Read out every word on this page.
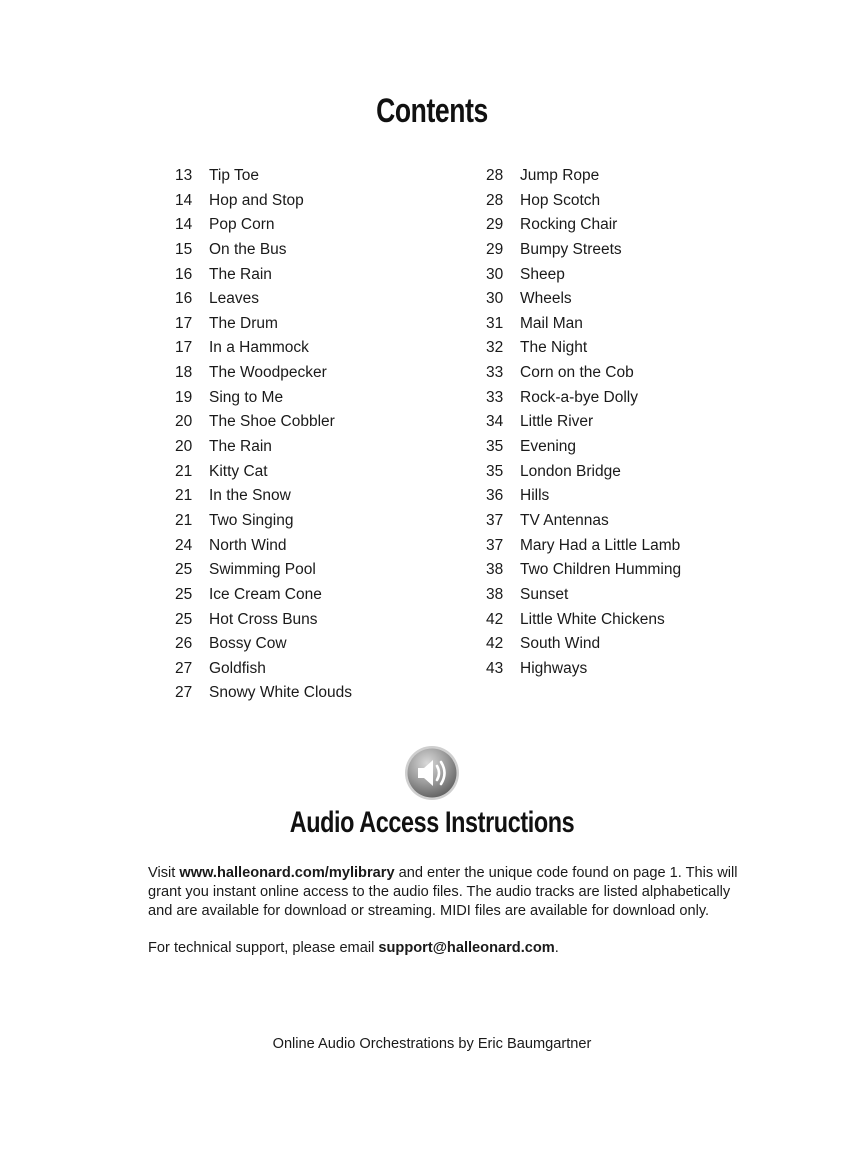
Contents
13	Tip Toe
14	Hop and Stop
14	Pop Corn
15	On the Bus
16	The Rain
16	Leaves
17	The Drum
17	In a Hammock
18	The Woodpecker
19	Sing to Me
20	The Shoe Cobbler
20	The Rain
21	Kitty Cat
21	In the Snow
21	Two Singing
24	North Wind
25	Swimming Pool
25	Ice Cream Cone
25	Hot Cross Buns
26	Bossy Cow
27	Goldfish
27	Snowy White Clouds
28	Jump Rope
28	Hop Scotch
29	Rocking Chair
29	Bumpy Streets
30	Sheep
30	Wheels
31	Mail Man
32	The Night
33	Corn on the Cob
33	Rock-a-bye Dolly
34	Little River
35	Evening
35	London Bridge
36	Hills
37	TV Antennas
37	Mary Had a Little Lamb
38	Two Children Humming
38	Sunset
42	Little White Chickens
42	South Wind
43	Highways
Audio Access Instructions

Visit www.halleonard.com/mylibrary and enter the unique code found on page 1. This will grant you instant online access to the audio files. The audio tracks are listed alphabetically and are available for download or streaming. MIDI files are available for download only.

For technical support, please email support@halleonard.com.

Online Audio Orchestrations by Eric Baumgartner
